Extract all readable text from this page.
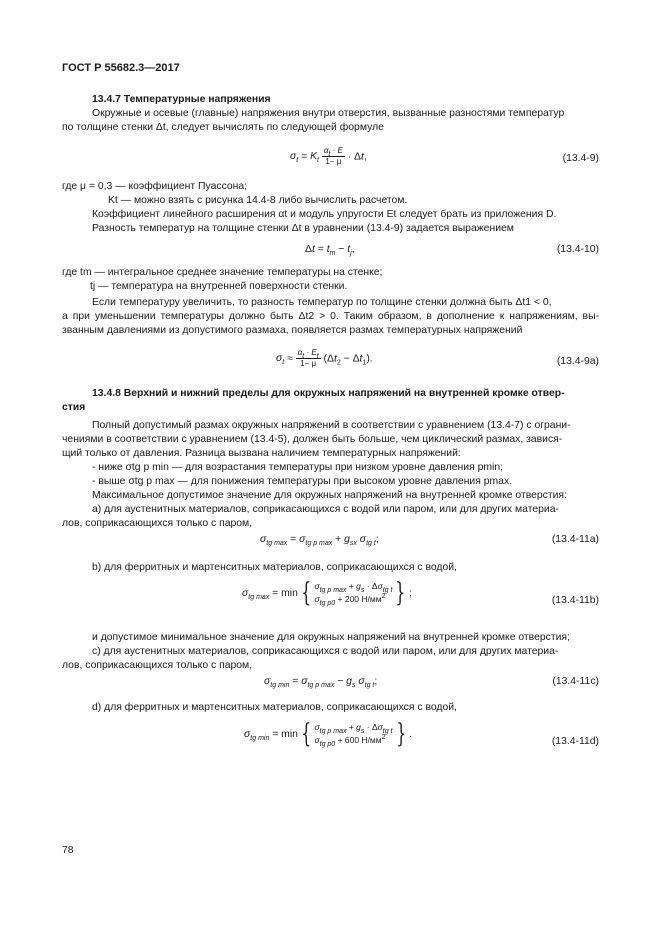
ГОСТ Р 55682.3—2017
13.4.7 Температурные напряжения
Окружные и осевые (главные) напряжения внутри отверстия, вызванные разностями температур
по толщине стенки Δt, следует вычислять по следующей формуле
$\sigma_t = K_t \frac{\alpha_t \cdot E}{1- \mu} \cdot \Delta t$,	(13.4-9)
где μ = 0,3 — коэффициент Пуассона;
Kt — можно взять с рисунка 14.4-8 либо вычислить расчетом.
Коэффициент линейного расширения αt и модуль упругости Et следует брать из приложения D.
Разность температур на толщине стенки Δt в уравнении (13.4-9) задается выражением
$\Delta t = t_m - t_j$,	(13.4-10)
где tm — интегральное среднее значение температуры на стенке;
tj — температура на внутренней поверхности стенки.
Если температуру увеличить, то разность температур по толщине стенки должна быть Δt1 < 0,
а при уменьшении температуры должно быть Δt2 > 0. Таким образом, в дополнение к напряжениям, вы-
званным давлениями из допустимого размаха, появляется размах температурных напряжений
$\sigma_t \approx \frac{\alpha_t \cdot E_t}{1- \mu} (\Delta t_2 - \Delta t_1)$.	(13.4-9a)
13.4.8 Верхний и нижний пределы для окружных напряжений на внутренней кромке отвер-
стия
Полный допустимый размах окружных напряжений в соответствии с уравнением (13.4-7) с ограни-
чениями в соответствии с уравнением (13.4-5), должен быть больше, чем циклический размах, завися-
щий только от давления. Разница вызвана наличием температурных напряжений:
- ниже σtg p min — для возрастания температуры при низком уровне давления pmin;
- выше σtg p max — для понижения температуры при высоком уровне давления pmax.
Максимальное допустимое значение для окружных напряжений на внутренней кромке отверстия:
a) для аустенитных материалов, соприкасающихся с водой или паром, или для других материа-
лов, соприкасающихся только с паром,
$\sigma_{tg max} = \sigma_{tg p max} + g_{sx}$ $\sigma_{tg t}$;	(13.4-11a)
b) для ферритных и мартенситных материалов, соприкасающихся с водой,
$\sigma_{tg max} = \min$ { $\sigma_{tg p max} + g_s \cdot \Delta\sigma_{tg t}$
$\sigma_{tg p0} + 200$ $Н/мм^2$ } ;
(13.4-11b)
и допустимое минимальное значение для окружных напряжений на внутренней кромке отверстия;
c) для аустенитных материалов, соприкасающихся с водой или паром, или для других материа-
лов, соприкасающихся только с паром,
$\sigma_{tg min} = \sigma_{tg p max} - g_s$ $\sigma_{tg t}$;	(13.4-11c)
d) для ферритных и мартенситных материалов, соприкасающихся с водой,
$\sigma_{tg min} = \min$ { $\sigma_{tg p max} + g_s \cdot \Delta\sigma_{tg t}$
$\sigma_{tg p0} + 600$ $Н/мм^2$ } .
(13.4-11d)
78
